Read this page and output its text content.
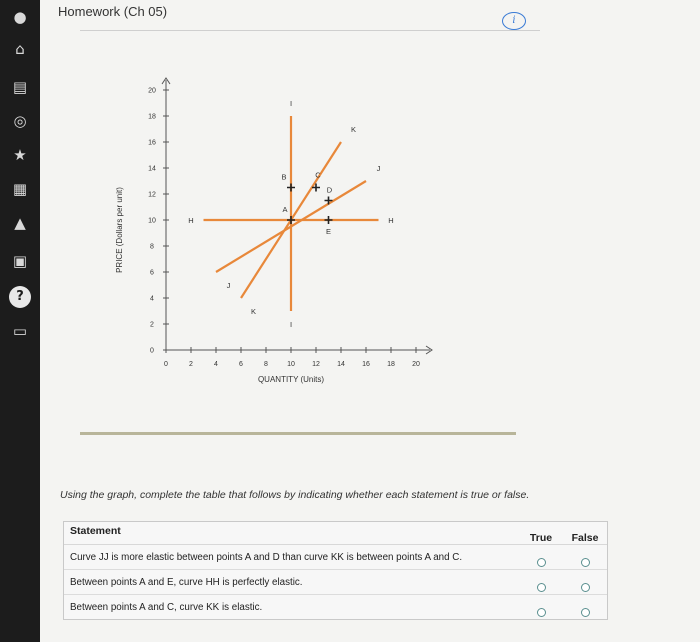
●
⌂
▤
◎
★
▦
▲
▣
?
▭
Homework (Ch 05)
i
0	2	4	6	8	10 12 14 16 18 20
0
2
4
6
8
10
12
14
16
18
20
QUANTITY (Units)
PRICE (Dollars per unit)	H	H
I
I
J
J
K
K
A
B	C
D
E
Using the graph, complete the table that follows by indicating whether each statement is true or false.
Statement
True	False
Curve JJ is more elastic between points A and D than curve KK is between points A and C.
Between points A and E, curve HH is perfectly elastic.
Between points A and C, curve KK is elastic.
